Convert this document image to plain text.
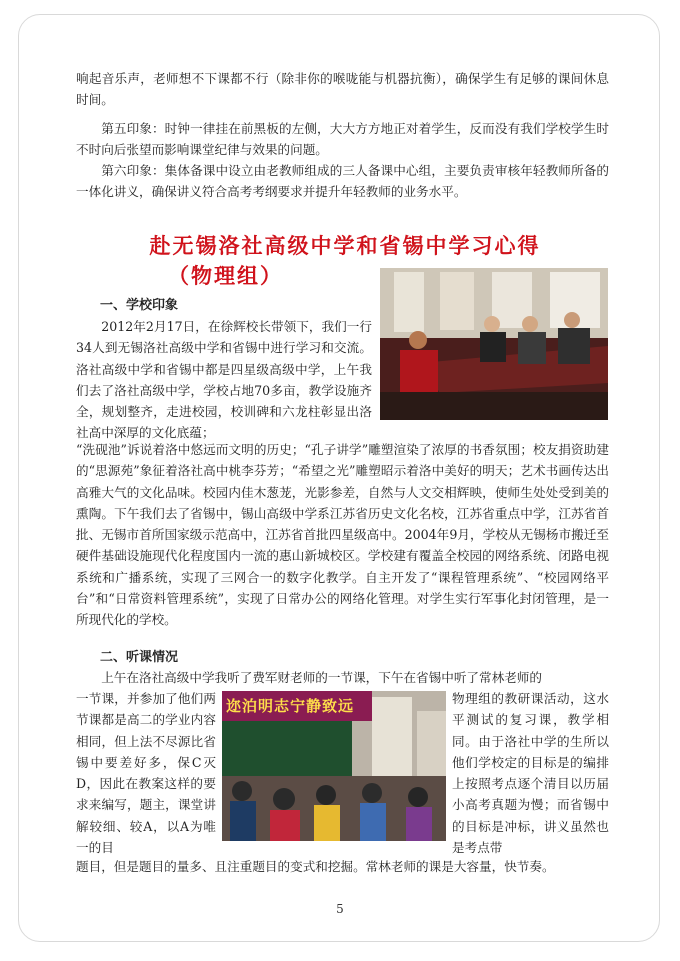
响起音乐声，老师想不下课都不行（除非你的喉咙能与机器抗衡），确保学生有足够的课间休息时间。

第五印象：时钟一律挂在前黑板的左侧，大大方方地正对着学生，反而没有我们学校学生时不时向后张望而影响课堂纪律与效果的问题。

第六印象：集体备课中设立由老教师组成的三人备课中心组，主要负责审核年轻教师所备的一体化讲义，确保讲义符合高考考纲要求并提升年轻教师的业务水平。

赴无锡洛社高级中学和省锡中学习心得
（物理组）
一、学校印象

2012年2月17日，在徐辉校长带领下，我们一行34人到无锡洛社高级中学和省锡中进行学习和交流。洛社高级中学和省锡中都是四星级高级中学，上午我们去了洛社高级中学，学校占地70多亩，教学设施齐全，规划整齐，走进校园，校训碑和六龙柱彰显出洛社高中深厚的文化底蕴；

“洗砚池”诉说着洛中悠远而文明的历史；“孔子讲学”雕塑渲染了浓厚的书香氛围；校友捐资助建的“思源苑”象征着洛社高中桃李芬芳；“希望之光”雕塑昭示着洛中美好的明天；艺术书画传达出高雅大气的文化品味。校园内佳木葱茏，光影参差，自然与人文交相辉映，使师生处处受到美的熏陶。下午我们去了省锡中，锡山高级中学系江苏省历史文化名校，江苏省重点中学，江苏省首批、无锡市首所国家级示范高中，江苏省首批四星级高中。2004年9月，学校从无锡杨市搬迁至硬件基础设施现代化程度国内一流的惠山新城校区。学校建有覆盖全校园的网络系统、闭路电视系统和广播系统，实现了三网合一的数字化教学。自主开发了“课程管理系统”、“校园网络平台”和“日常资料管理系统”，实现了日常办公的网络化管理。对学生实行军事化封闭管理，是一所现代化的学校。

二、听课情况

上午在洛社高级中学我听了费军财老师的一节课，下午在省锡中听了常林老师的

一节课，并参加了他们两节课都是高二的学业内容相同，但上法不尽源比省锡中要差好多，保C灭D，因此在教案这样的要求来编写，题主，课堂讲解较细、较A，以A为唯一的目

迩泊明志宁静致远	物理组的教研课活动，这水平测试的复习课，教学相同。由于洛社中学的生所以他们学校定的目标是的编排上按照考点逐个清目以历届小高考真题为慢；而省锡中的目标是冲标，讲义虽然也是考点带

题目，但是题目的量多、且注重题目的变式和挖掘。常林老师的课是大容量，快节奏。

5
